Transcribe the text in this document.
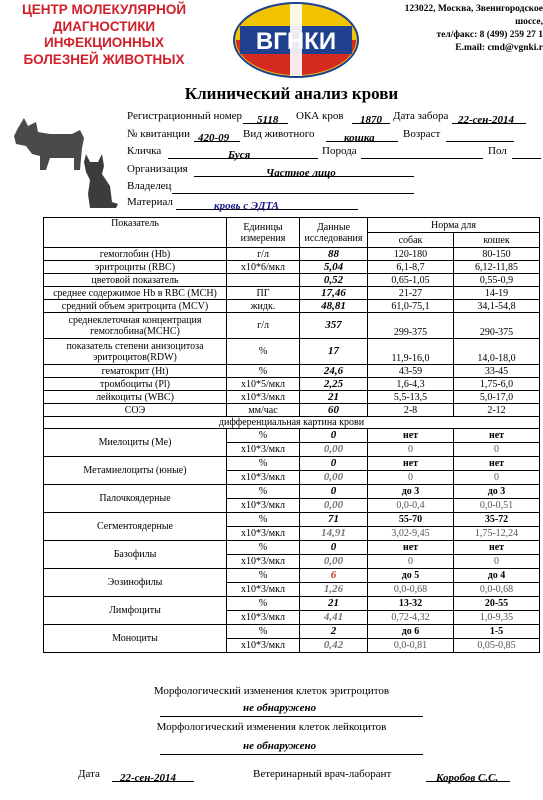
ЦЕНТР МОЛЕКУЛЯРНОЙ
ДИАГНОСТИКИ
ИНФЕКЦИОННЫХ
БОЛЕЗНЕЙ ЖИВОТНЫХ
ВГНКИ
123022, Москва, Звенигородское
шоссе,
тел/факс: 8 (499) 259 27 1
E.mail: cmd@vgnki.r
Клинический анализ крови
Регистрационный номер	5118	ОКА кров	1870	Дата забора 22-сен-2014
№ квитанции 420-09	Вид животного	кошка	Возраст
Кличка	Буся	Порода	Пол
Организация	Частное лицо
Владелец
Материал	кровь с ЭДТА
Показатель	Единицы измерения	Данные исследования	Норма для	
			собак	кошек
гемоглобин (Hb)	г/л	88	120-180	80-150
эритроциты (RBC)	x10*6/мкл	5,04	6,1-8,7	6,12-11,85
цветовой показатель		0,52	0,65-1,05	0,55-0,9
среднее содержимое Hb в RBC (MCH)	ПГ	17,46	21-27	14-19
средний объем эритроцита (MCV)	жидк.	48,81	61,0-75,1	34,1-54,8
среднеклеточная концентрация гемоглобина(MCHC)	г/л	357	299-375	290-375
показатель степени анизоцитоза эритроцитов(RDW)	%	17	11,9-16,0	14,0-18,0
гематокрит (Ht)	%	24,6	43-59	33-45
тромбоциты (Pl)	x10*5/мкл	2,25	1,6-4,3	1,75-6,0
лейкоциты (WBC)	x10*3/мкл	21	5,5-13,5	5,0-17,0
СОЭ	мм/час	60	2-8	2-12
дифференциальная картина крови				
Миелоциты (Ме)	%	0	нет	нет
	x10*3/мкл	0,00	0	0
Метамиелоциты (юные)	%	0	нет	нет
	x10*3/мкл	0,00	0	0
Палочкоядерные	%	0	до 3	до 3
	x10*3/мкл	0,00	0,0-0,4	0,0-0,51
Сегментоядерные	%	71	55-70	35-72
	x10*3/мкл	14,91	3,02-9,45	1,75-12,24
Базофилы	%	0	нет	нет
	x10*3/мкл	0,00	0	0
Эозинофилы	%	6	до 5	до 4
	x10*3/мкл	1,26	0,0-0,68	0,0-0,68
Лимфоциты	%	21	13-32	20-55
	x10*3/мкл	4,41	0,72-4,32	1,0-9,35
Моноциты	%	2	до 6	1-5
	x10*3/мкл	0,42	0,0-0,81	0,05-0,85
Морфологический изменения клеток эритроцитов
не обнаружено
Морфологический изменения клеток лейкоцитов
не обнаружено
Дата	22-сен-2014	Ветеринарный врач-лаборант	Коробов С.С.
